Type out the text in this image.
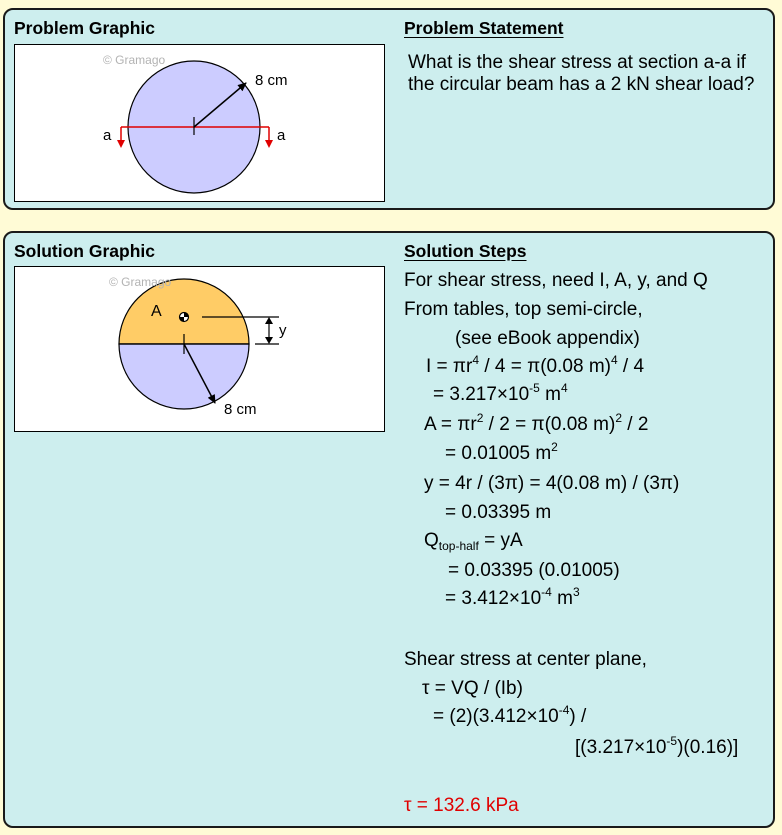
Problem Graphic	Problem Statement
© Gramago
a	a
8 cm

What is the shear stress at section a-a if the circular beam has a 2 kN shear load?

Solution Graphic	Solution Steps
© Gramago
A
y
8 cm
For shear stress, need I, A, y, and Q
From tables, top semi-circle,
(see eBook appendix)
$I = \pi r^4 / 4 = \pi(0.08$ m)$^4$ / 4
= $3.217\times 10^{-5}$ $m^4$
$A = \pi r^2 / 2 = \pi(0.08$ m)$^2$ / 2
= 0.01005 $m^2$
y = 4r / (3π) = 4(0.08 m) / (3π)
= 0.03395 m
$Q_{top-half}$ = yA
= 0.03395 (0.01005)
= $3.412\times 10^{-4}$ $m^3$
Shear stress at center plane,
τ = VQ / (Ib)
= $(2)(3.412\times 10^{-4})$ /
$[(3.217\times 10^{-5})(0.16)]$
τ = 132.6 kPa
